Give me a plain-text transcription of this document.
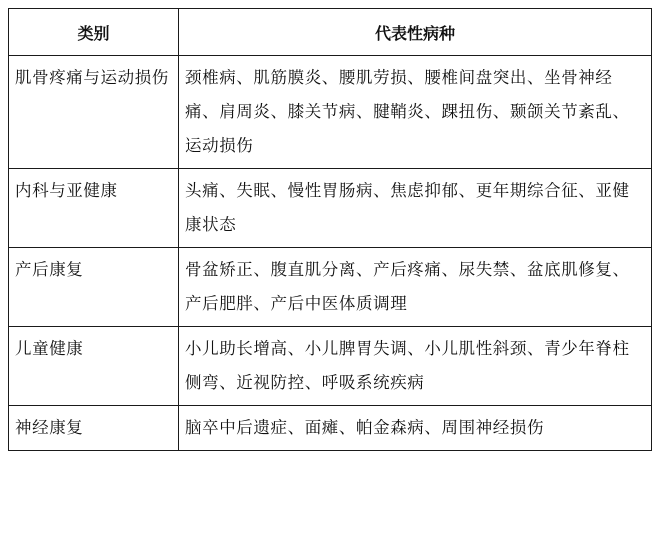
类别	代表性病种
肌骨疼痛与运动损伤	颈椎病、肌筋膜炎、腰肌劳损、腰椎间盘突出、坐骨神经痛、肩周炎、膝关节病、腱鞘炎、踝扭伤、颞颌关节紊乱、运动损伤
内科与亚健康	头痛、失眠、慢性胃肠病、焦虑抑郁、更年期综合征、亚健康状态
产后康复	骨盆矫正、腹直肌分离、产后疼痛、尿失禁、盆底肌修复、产后肥胖、产后中医体质调理
儿童健康	小儿助长增高、小儿脾胃失调、小儿肌性斜颈、青少年脊柱侧弯、近视防控、呼吸系统疾病
神经康复	脑卒中后遗症、面瘫、帕金森病、周围神经损伤
